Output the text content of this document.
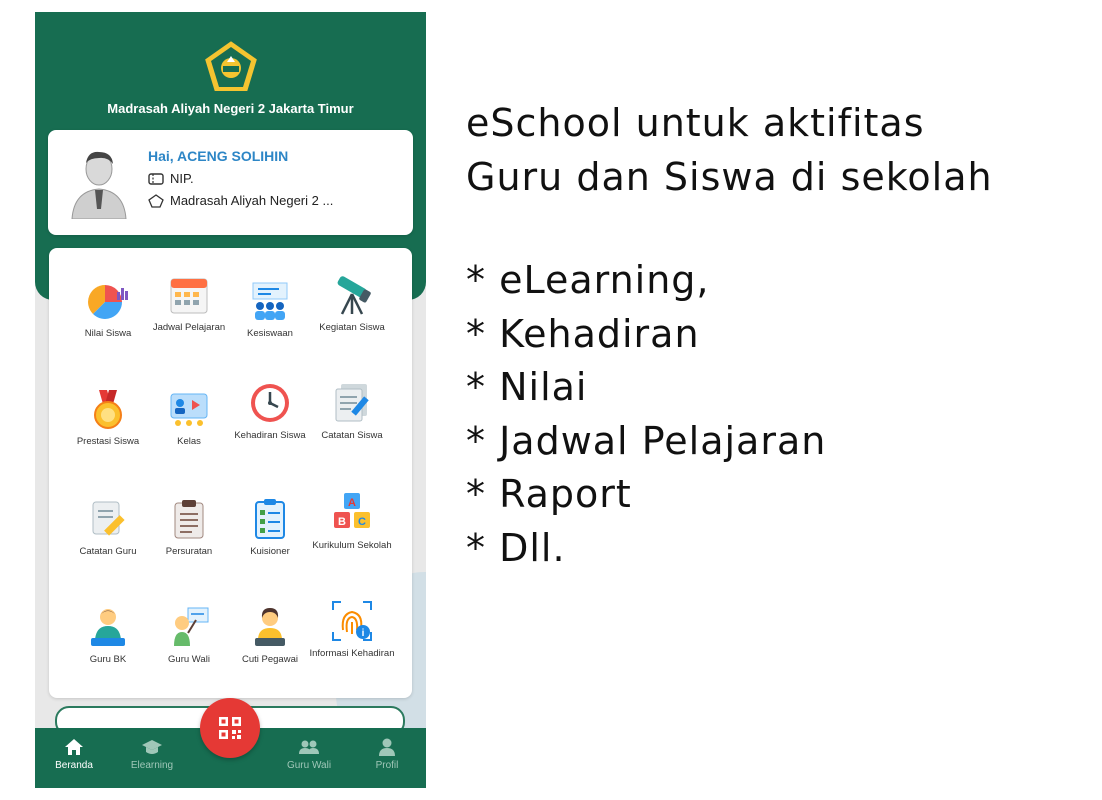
Madrasah Aliyah Negeri 2 Jakarta Timur
Hai, ACENG SOLIHIN
NIP.
Madrasah Aliyah Negeri 2 ...
Nilai Siswa
Jadwal Pelajaran
Kesiswaan
Kegiatan Siswa
Prestasi Siswa	Kelas
Kehadiran Siswa	Catatan Siswa
Catatan Guru	Persuratan	Kuisioner
A
B C
Kurikulum Sekolah
Guru BK	Guru Wali	Cuti Pegawai
i
Informasi Kehadiran
Beranda	Elearning	Guru Wali	Profil
eSchool untuk aktifitas
Guru dan Siswa di sekolah
* eLearning,
* Kehadiran
* Nilai
* Jadwal Pelajaran
* Raport
* Dll.
